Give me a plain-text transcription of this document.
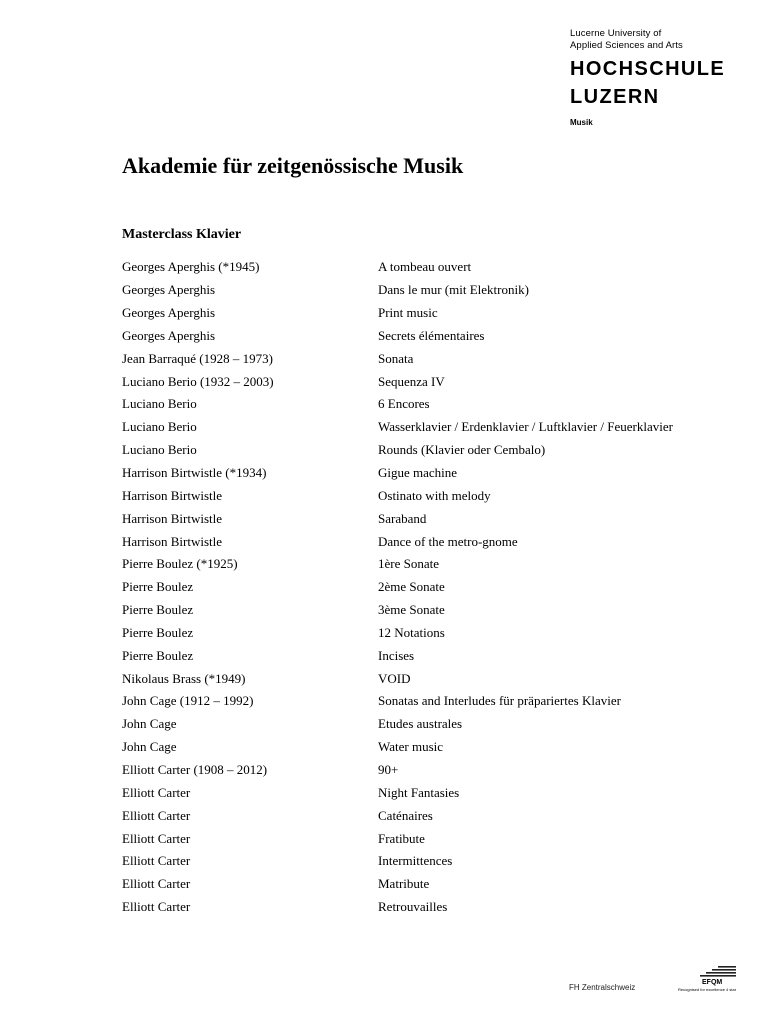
Lucerne University of
Applied Sciences and Arts
HOCHSCHULE
LUZERN
Musik
Akademie für zeitgenössische Musik
Masterclass Klavier
Georges Aperghis (*1945)	A tombeau ouvert
Georges Aperghis	Dans le mur (mit Elektronik)
Georges Aperghis	Print music
Georges Aperghis	Secrets élémentaires
Jean Barraqué (1928 – 1973)	Sonata
Luciano Berio (1932 – 2003)	Sequenza IV
Luciano Berio	6 Encores
Luciano Berio	Wasserklavier / Erdenklavier / Luftklavier / Feuerklavier
Luciano Berio	Rounds (Klavier oder Cembalo)
Harrison Birtwistle (*1934)	Gigue machine
Harrison Birtwistle	Ostinato with melody
Harrison Birtwistle	Saraband
Harrison Birtwistle	Dance of the metro-gnome
Pierre Boulez (*1925)	1ère Sonate
Pierre Boulez	2ème Sonate
Pierre Boulez	3ème Sonate
Pierre Boulez	12 Notations
Pierre Boulez	Incises
Nikolaus Brass (*1949)	VOID
John Cage (1912 – 1992)	Sonatas and Interludes für präpariertes Klavier
John Cage	Etudes australes
John Cage	Water music
Elliott Carter (1908 – 2012)	90+
Elliott Carter	Night Fantasies
Elliott Carter	Caténaires
Elliott Carter	Fratibute
Elliott Carter	Intermittences
Elliott Carter	Matribute
Elliott Carter	Retrouvailles
FH Zentralschweiz
EFQM
Recognised for excellence 4 star
